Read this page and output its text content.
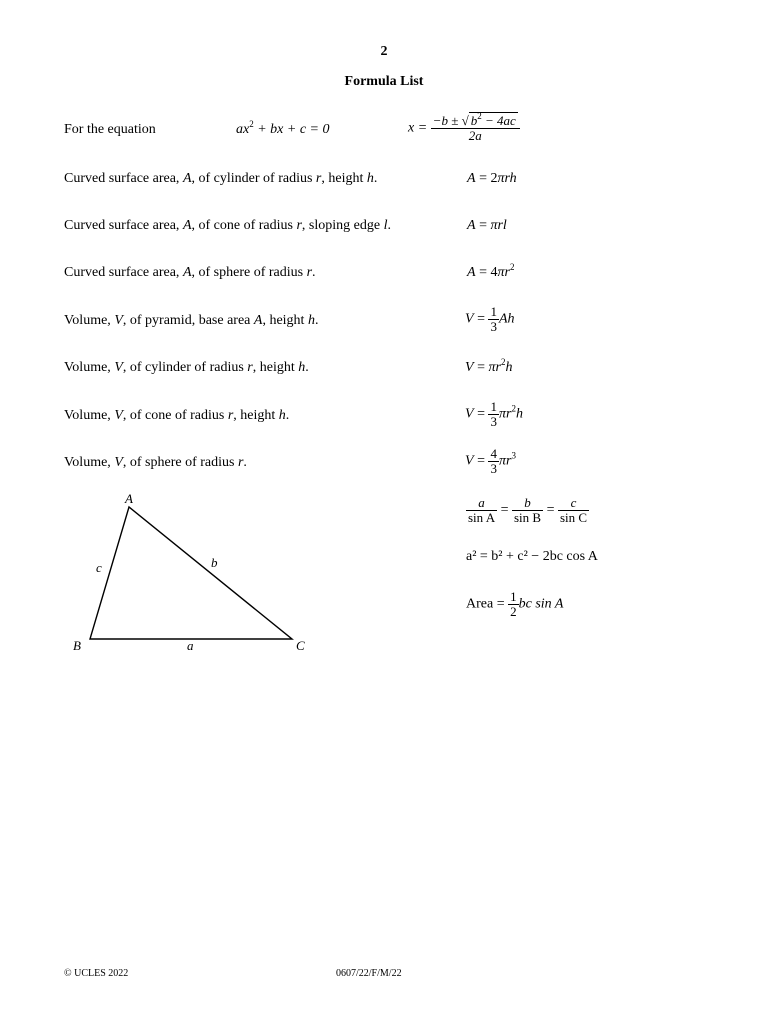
2
Formula List
For the equation	$ax^2$ + bx + c = 0	$x = \frac{-b \pm √ b^2 - 4ac}{2a}$
Curved surface area, A, of cylinder of radius r, height h.	A = 2πrh
Curved surface area, A, of cone of radius r, sloping edge l.	A = πrl
Curved surface area, A, of sphere of radius r.	$A = 4\pi r^2$
Volume, V, of pyramid, base area A, height h.	$V = \frac{1}{3}$ Ah
Volume, V, of cylinder of radius r, height h.	$V = \pi r^2h$
Volume, V, of cone of radius r, height h.	$V = \frac{1}{3} \pi r^2h$
Volume, V, of sphere of radius r.	$V = \frac{4}{3} \pi r^3$
$\frac{a}{\text{sin A}} = \frac{b}{\text{sin B}} = \frac{c}{\text{sin C}}$
a² = b² + c² − 2bc cos A
Area = $\frac{1}{2}$ bc sin A
A
B	C
a
b
c
© UCLES 2022	0607/22/F/M/22
